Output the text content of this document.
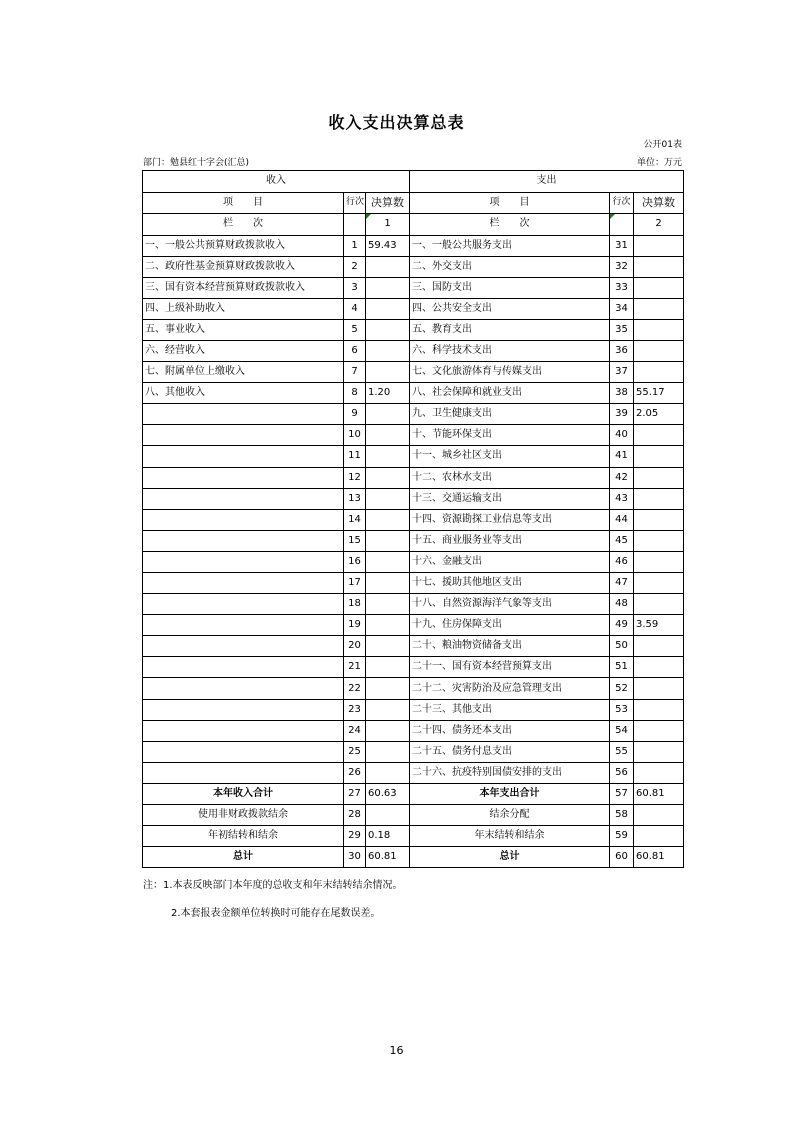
收入支出决算总表
公开01表
部门：勉县红十字会(汇总)	单位：万元
收入			支出		
项　　目	行次	决算数	项　　目	行次	决算数
栏　　次		1	栏　　次		2
一、一般公共预算财政拨款收入	1	59.43	一、一般公共服务支出	31	
二、政府性基金预算财政拨款收入	2		二、外交支出	32	
三、国有资本经营预算财政拨款收入	3		三、国防支出	33	
四、上级补助收入	4		四、公共安全支出	34	
五、事业收入	5		五、教育支出	35	
六、经营收入	6		六、科学技术支出	36	
七、附属单位上缴收入	7		七、文化旅游体育与传媒支出	37	
八、其他收入	8	1.20	八、社会保障和就业支出	38	55.17
	9		九、卫生健康支出	39	2.05
	10		十、节能环保支出	40	
	11		十一、城乡社区支出	41	
	12		十二、农林水支出	42	
	13		十三、交通运输支出	43	
	14		十四、资源勘探工业信息等支出	44	
	15		十五、商业服务业等支出	45	
	16		十六、金融支出	46	
	17		十七、援助其他地区支出	47	
	18		十八、自然资源海洋气象等支出	48	
	19		十九、住房保障支出	49	3.59
	20		二十、粮油物资储备支出	50	
	21		二十一、国有资本经营预算支出	51	
	22		二十二、灾害防治及应急管理支出	52	
	23		二十三、其他支出	53	
	24		二十四、债务还本支出	54	
	25		二十五、债务付息支出	55	
	26		二十六、抗疫特别国债安排的支出	56	
本年收入合计	27	60.63	本年支出合计	57	60.81
使用非财政拨款结余	28		结余分配	58	
年初结转和结余	29	0.18	年末结转和结余	59	
总计	30	60.81	总计	60	60.81
注：1.本表反映部门本年度的总收支和年末结转结余情况。
2.本套报表金额单位转换时可能存在尾数误差。
16
